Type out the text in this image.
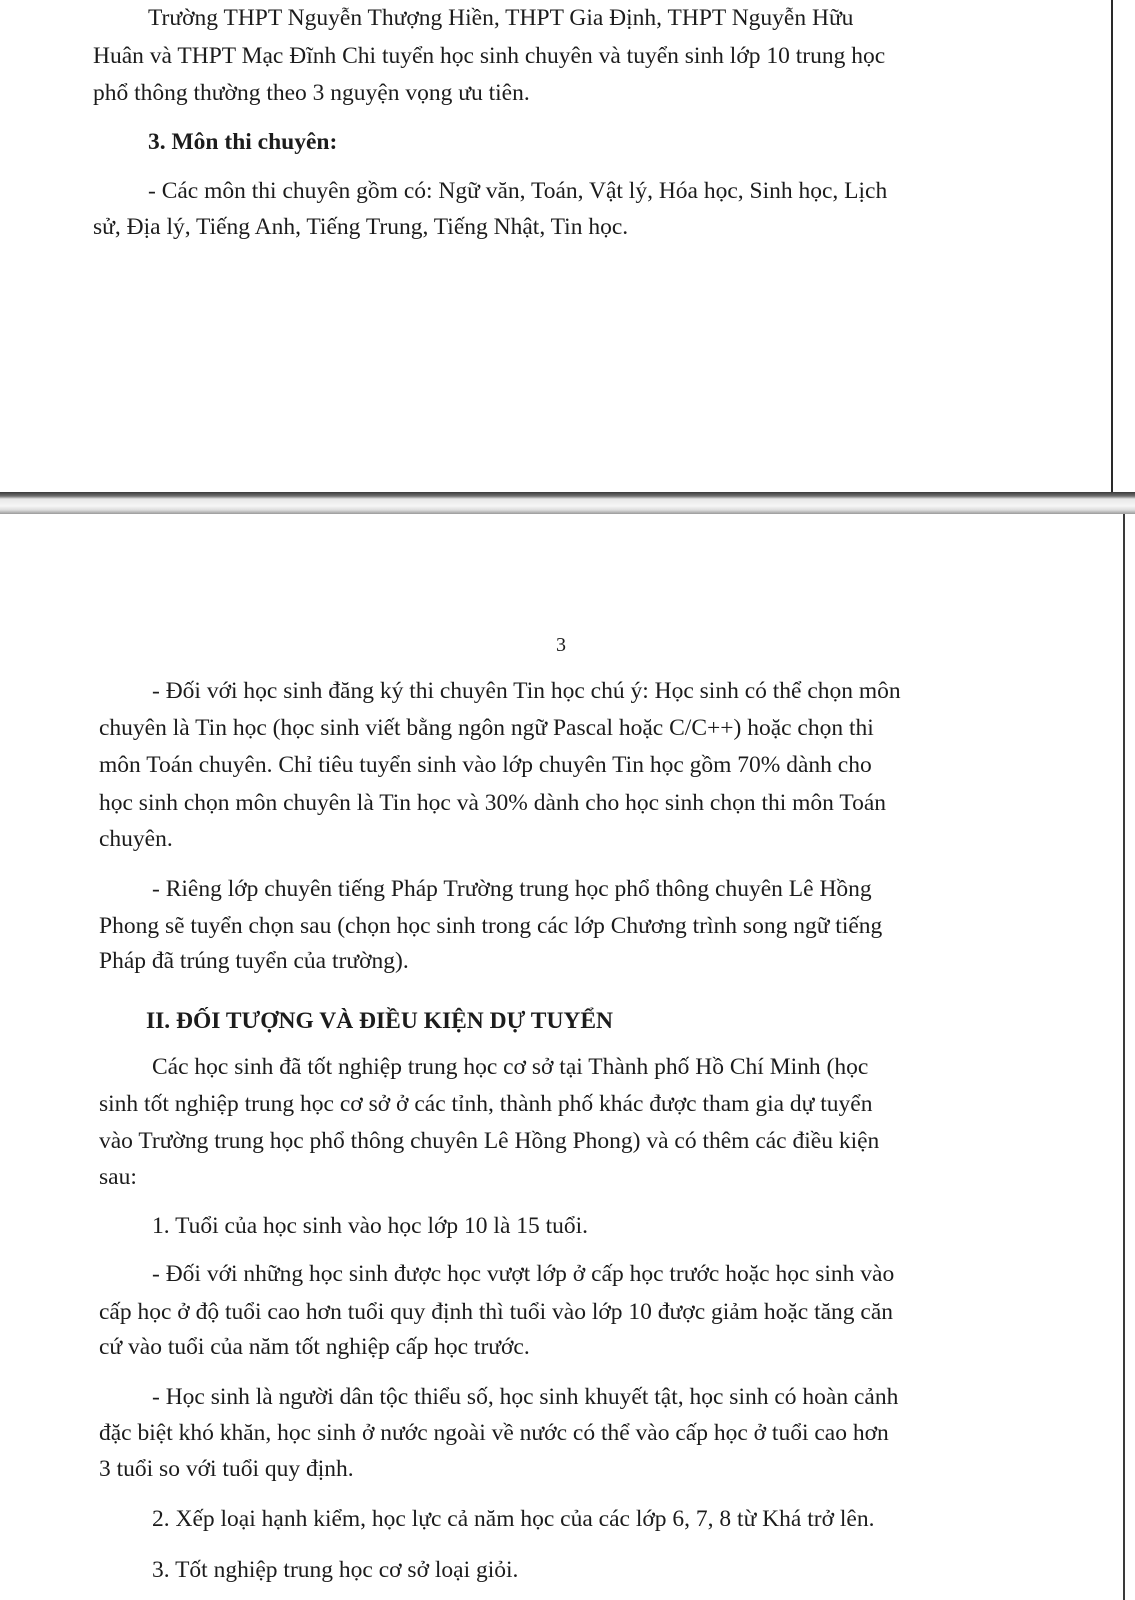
Trường THPT Nguyễn Thượng Hiền, THPT Gia Định, THPT Nguyễn Hữu

Huân và THPT Mạc Đĩnh Chi tuyển học sinh chuyên và tuyển sinh lớp 10 trung học

phổ thông thường theo 3 nguyện vọng ưu tiên.

3. Môn thi chuyên:

- Các môn thi chuyên gồm có: Ngữ văn, Toán, Vật lý, Hóa học, Sinh học, Lịch

sử, Địa lý, Tiếng Anh, Tiếng Trung, Tiếng Nhật, Tin học.

3

- Đối với học sinh đăng ký thi chuyên Tin học chú ý: Học sinh có thể chọn môn

chuyên là Tin học (học sinh viết bằng ngôn ngữ Pascal hoặc C/C++) hoặc chọn thi

môn Toán chuyên. Chỉ tiêu tuyển sinh vào lớp chuyên Tin học gồm 70% dành cho

học sinh chọn môn chuyên là Tin học và 30% dành cho học sinh chọn thi môn Toán

chuyên.

- Riêng lớp chuyên tiếng Pháp Trường trung học phổ thông chuyên Lê Hồng

Phong sẽ tuyển chọn sau (chọn học sinh trong các lớp Chương trình song ngữ tiếng

Pháp đã trúng tuyển của trường).

II. ĐỐI TƯỢNG VÀ ĐIỀU KIỆN DỰ TUYỂN

Các học sinh đã tốt nghiệp trung học cơ sở tại Thành phố Hồ Chí Minh (học

sinh tốt nghiệp trung học cơ sở ở các tỉnh, thành phố khác được tham gia dự tuyển

vào Trường trung học phổ thông chuyên Lê Hồng Phong) và có thêm các điều kiện

sau:

1. Tuổi của học sinh vào học lớp 10 là 15 tuổi.

- Đối với những học sinh được học vượt lớp ở cấp học trước hoặc học sinh vào

cấp học ở độ tuổi cao hơn tuổi quy định thì tuổi vào lớp 10 được giảm hoặc tăng căn

cứ vào tuổi của năm tốt nghiệp cấp học trước.

- Học sinh là người dân tộc thiểu số, học sinh khuyết tật, học sinh có hoàn cảnh

đặc biệt khó khăn, học sinh ở nước ngoài về nước có thể vào cấp học ở tuổi cao hơn

3 tuổi so với tuổi quy định.

2. Xếp loại hạnh kiểm, học lực cả năm học của các lớp 6, 7, 8 từ Khá trở lên.

3. Tốt nghiệp trung học cơ sở loại giỏi.
